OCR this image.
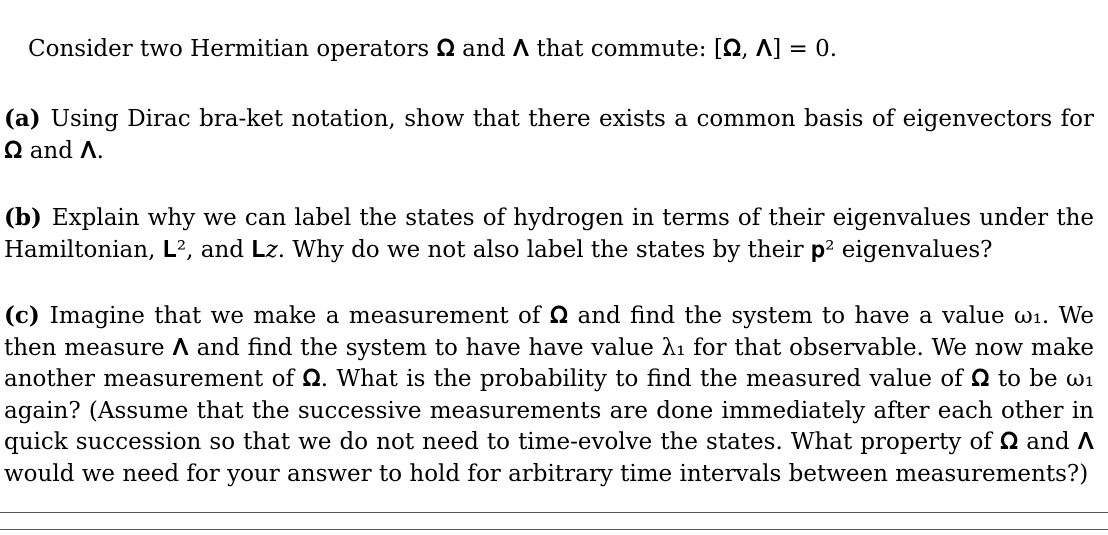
Consider two Hermitian operators 𝛀 and 𝚲 that commute: [𝛀, 𝚲] = 0.
(a) Using Dirac bra-ket notation, show that there exists a common basis of eigenvectors for 𝛀 and 𝚲.
(b) Explain why we can label the states of hydrogen in terms of their eigenvalues under the Hamiltonian, 𝐋², and 𝐋𝑧. Why do we not also label the states by their 𝐩² eigenvalues?
(c) Imagine that we make a measurement of 𝛀 and find the system to have a value ω₁. We then measure 𝚲 and find the system to have have value λ₁ for that observable. We now make another measurement of 𝛀. What is the probability to find the measured value of 𝛀 to be ω₁ again? (Assume that the successive measurements are done immediately after each other in quick succession so that we do not need to time-evolve the states. What property of 𝛀 and 𝚲 would we need for your answer to hold for arbitrary time intervals between measurements?)
